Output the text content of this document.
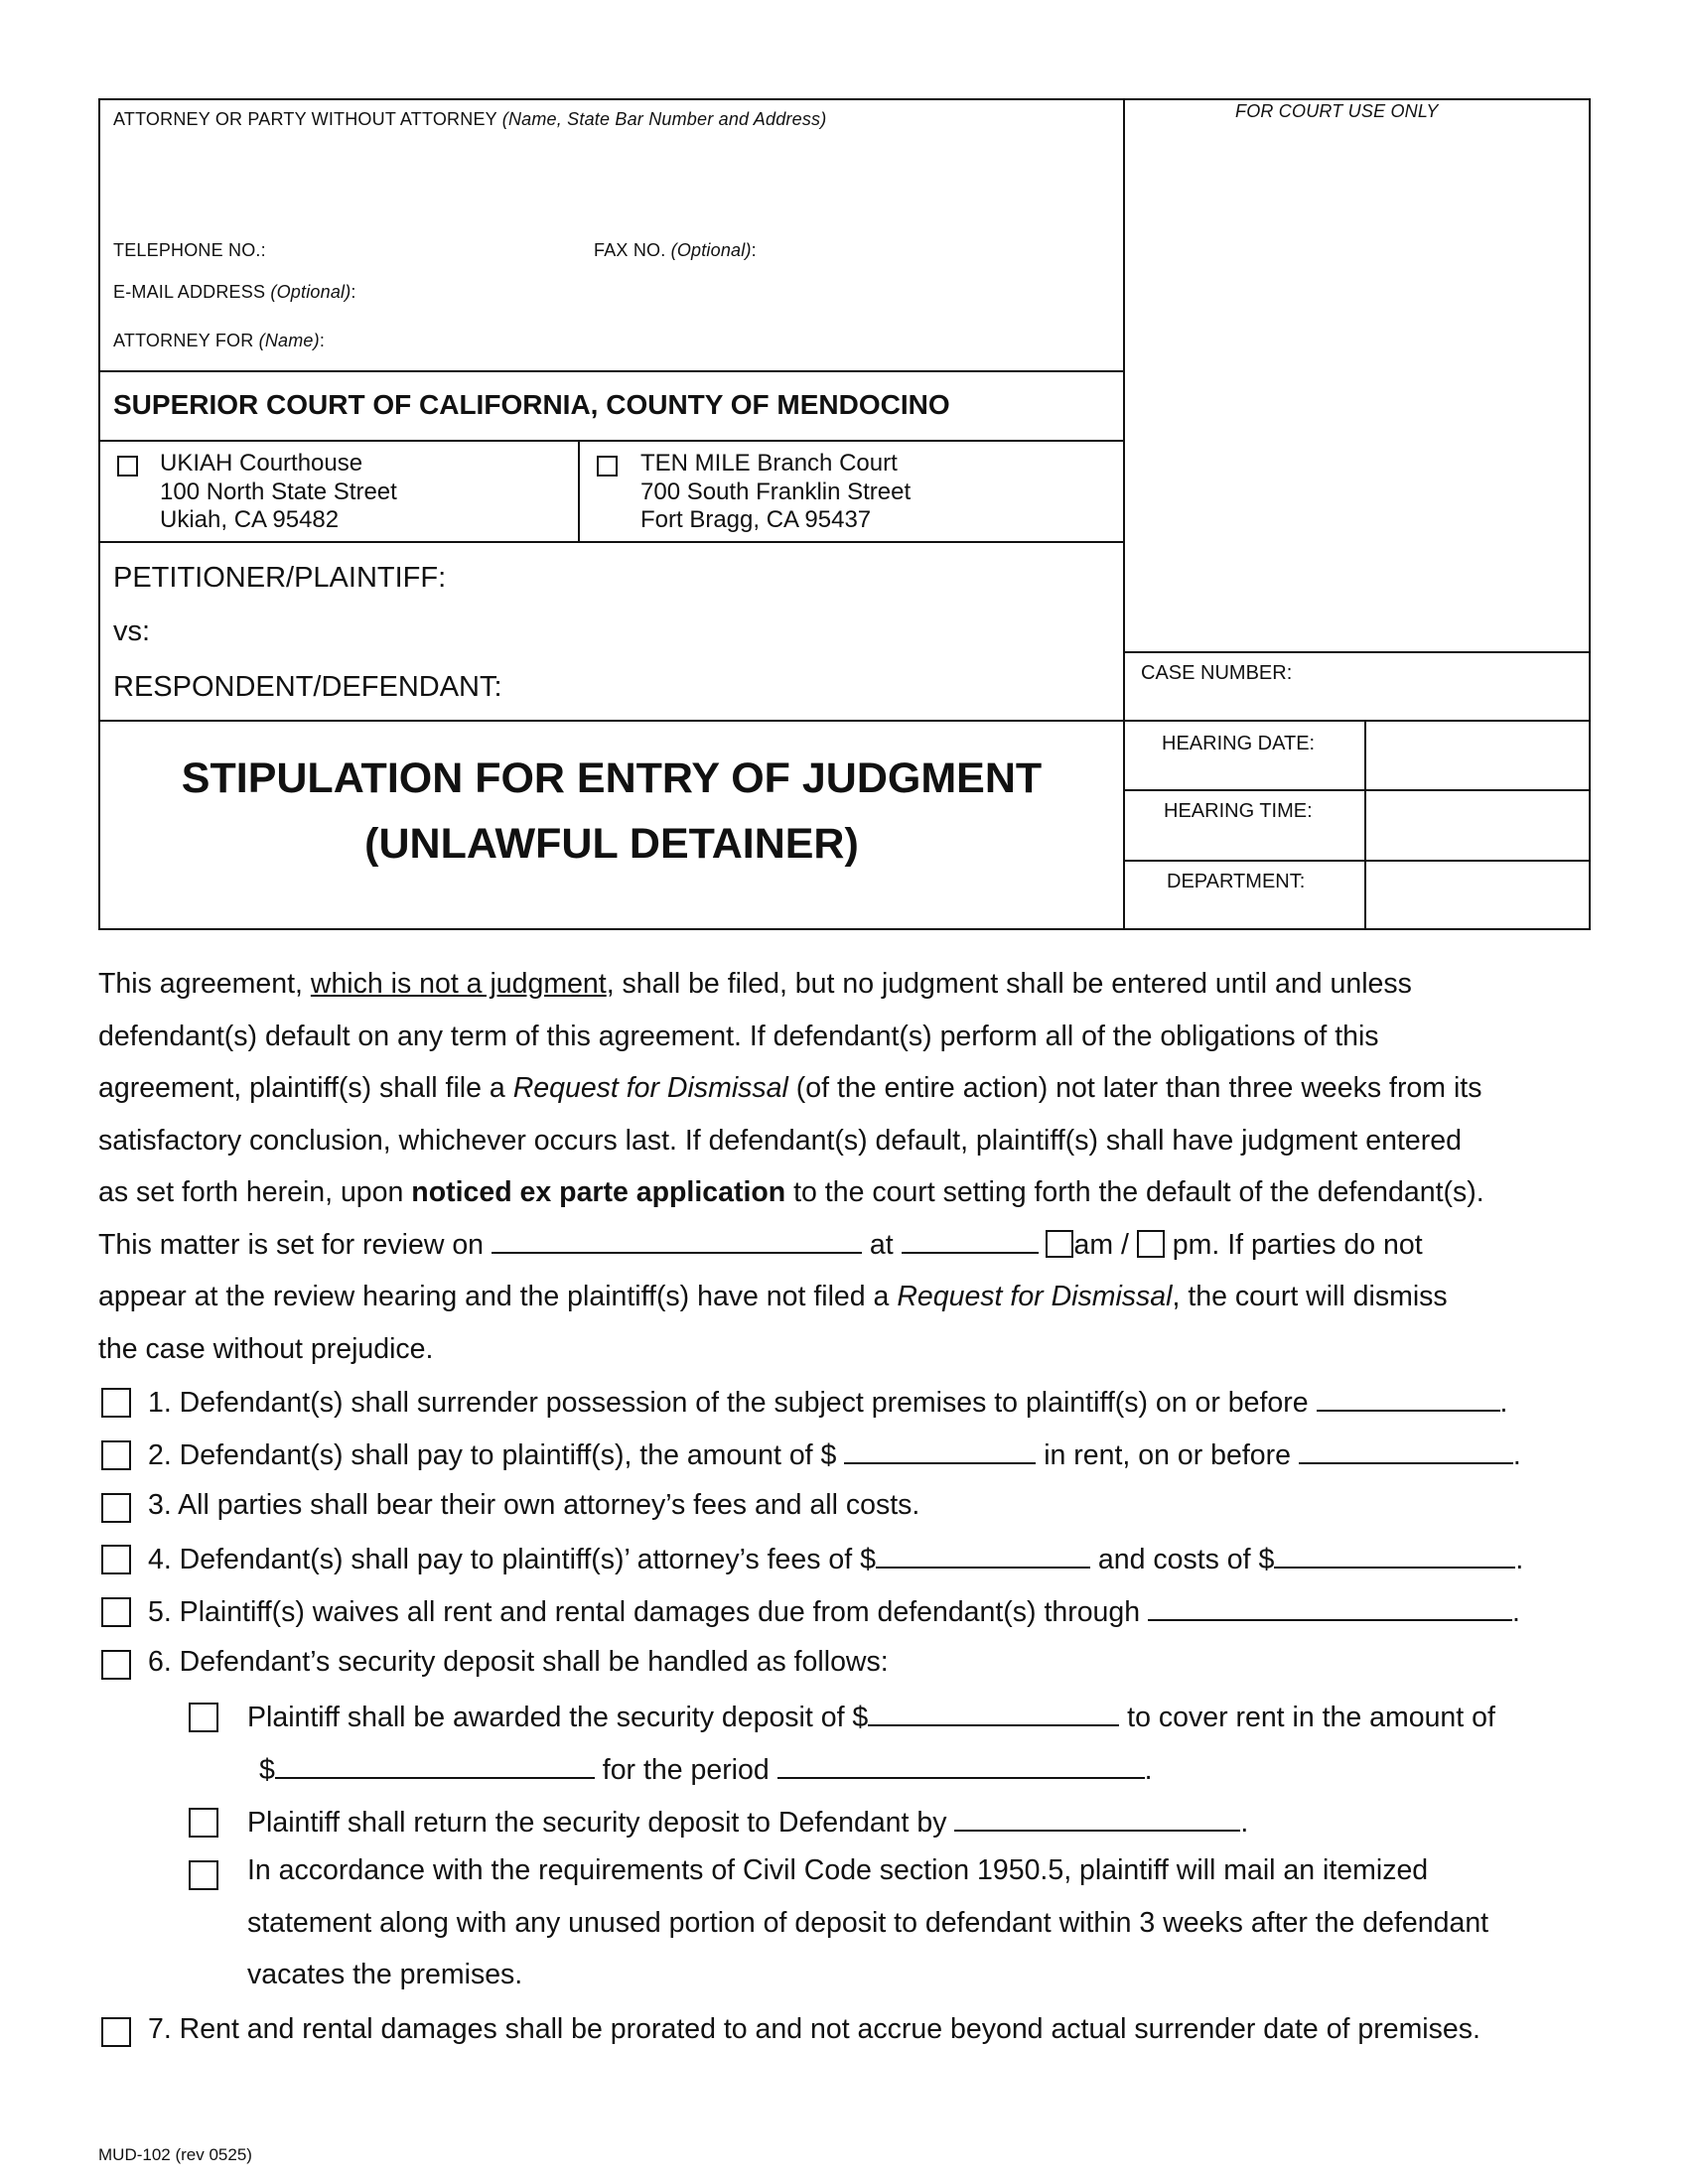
ATTORNEY OR PARTY WITHOUT ATTORNEY (Name, State Bar Number and Address)	FOR COURT USE ONLY
TELEPHONE NO.:	FAX NO. (Optional):
E-MAIL ADDRESS (Optional):
ATTORNEY FOR (Name):
SUPERIOR COURT OF CALIFORNIA, COUNTY OF MENDOCINO
UKIAH Courthouse
100 North State Street
Ukiah, CA 95482
TEN MILE Branch Court
700 South Franklin Street
Fort Bragg, CA 95437
PETITIONER/PLAINTIFF:
vs:
RESPONDENT/DEFENDANT:	CASE NUMBER:
HEARING DATE:
HEARING TIME:
DEPARTMENT:
STIPULATION FOR ENTRY OF JUDGMENT
(UNLAWFUL DETAINER)
This agreement, which is not a judgment, shall be filed, but no judgment shall be entered until and unless
defendant(s) default on any term of this agreement. If defendant(s) perform all of the obligations of this
agreement, plaintiff(s) shall file a Request for Dismissal (of the entire action) not later than three weeks from its
satisfactory conclusion, whichever occurs last. If defendant(s) default, plaintiff(s) shall have judgment entered
as set forth herein, upon noticed ex parte application to the court setting forth the default of the defendant(s).
This matter is set for review on	at	am /  pm. If parties do not
appear at the review hearing and the plaintiff(s) have not filed a Request for Dismissal, the court will dismiss
the case without prejudice.
1. Defendant(s) shall surrender possession of the subject premises to plaintiff(s) on or before	.
2. Defendant(s) shall pay to plaintiff(s), the amount of $	in rent, on or before	.
3. All parties shall bear their own attorney’s fees and all costs.
4. Defendant(s) shall pay to plaintiff(s)’ attorney’s fees of $	and costs of $	.
5. Plaintiff(s) waives all rent and rental damages due from defendant(s) through	.
6. Defendant’s security deposit shall be handled as follows:
Plaintiff shall be awarded the security deposit of $	to cover rent in the amount of
$	for the period	.
Plaintiff shall return the security deposit to Defendant by	.
In accordance with the requirements of Civil Code section 1950.5, plaintiff will mail an itemized
statement along with any unused portion of deposit to defendant within 3 weeks after the defendant
vacates the premises.
7. Rent and rental damages shall be prorated to and not accrue beyond actual surrender date of premises.
MUD-102 (rev 0525)
